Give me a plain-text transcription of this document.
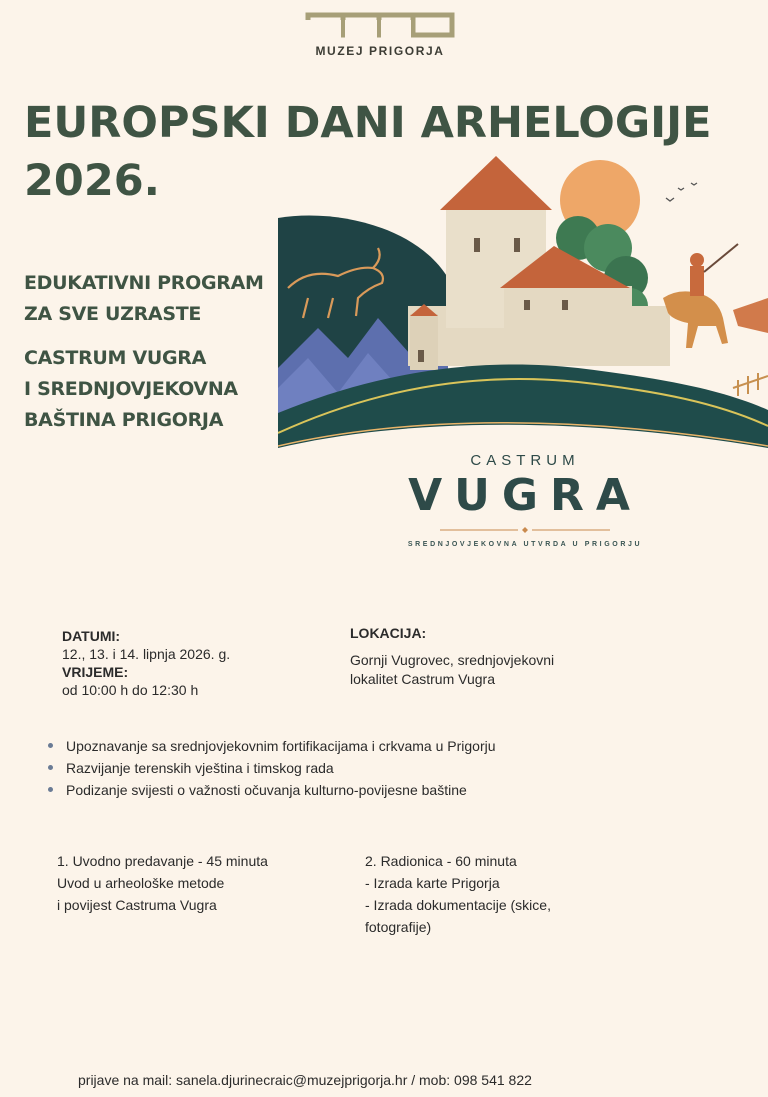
MUZEJ PRIGORJA
EUROPSKI DANI ARHELOGIJE
2026.
EDUKATIVNI PROGRAM
ZA SVE UZRASTE
CASTRUM VUGRA
I SREDNJOVJEKOVNA
BAŠTINA PRIGORJA
CASTRUM
VUGRA
SREDNJOVJEKOVNA UTVRDA U PRIGORJU
DATUMI:
12., 13. i 14. lipnja 2026. g.
VRIJEME:
od 10:00 h do 12:30 h
LOKACIJA:
Gornji Vugrovec, srednjovjekovni
lokalitet Castrum Vugra
Upoznavanje sa srednjovjekovnim fortifikacijama i crkvama u Prigorju
Razvijanje terenskih vještina i timskog rada
Podizanje svijesti o važnosti očuvanja kulturno-povijesne baštine
1. Uvodno predavanje - 45 minuta
Uvod u arheološke metode
i povijest Castruma Vugra
2. Radionica - 60 minuta
- Izrada karte Prigorja
- Izrada dokumentacije (skice,
fotografije)
prijave na mail: sanela.djurinecraic@muzejprigorja.hr / mob: 098 541 822
